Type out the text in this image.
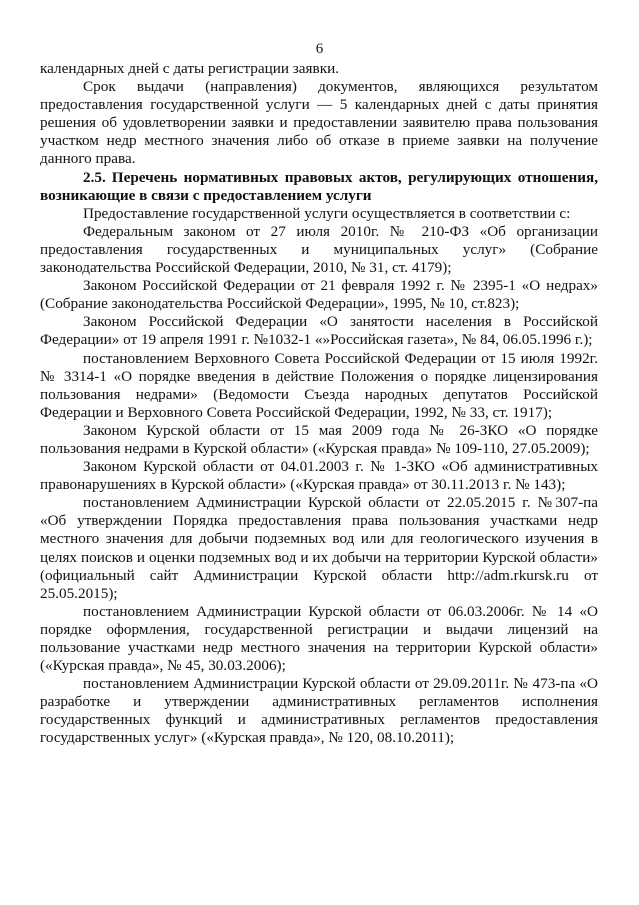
6

календарных дней с даты регистрации заявки.

Срок выдачи (направления) документов, являющихся результатом предоставления государственной услуги — 5 календарных дней с даты принятия решения об удовлетворении заявки и предоставлении заявителю права пользования участком недр местного значения либо об отказе в приеме заявки на получение данного права.

2.5. Перечень нормативных правовых актов, регулирующих отношения, возникающие в связи с предоставлением услуги

Предоставление государственной услуги осуществляется в соответствии с:

Федеральным законом от 27 июля 2010г. № 210-ФЗ «Об организации предоставления государственных и муниципальных услуг» (Собрание законодательства Российской Федерации, 2010, № 31, ст. 4179);

Законом Российской Федерации от 21 февраля 1992 г. № 2395-1 «О недрах» (Собрание законодательства Российской Федерации», 1995, № 10, ст.823);

Законом Российской Федерации «О занятости населения в Российской Федерации» от 19 апреля 1991 г. №1032-1 «»Российская газета», № 84, 06.05.1996 г.);

постановлением Верховного Совета Российской Федерации от 15 июля 1992г. № 3314-1 «О порядке введения в действие Положения о порядке лицензирования пользования недрами» (Ведомости Съезда народных депутатов Российской Федерации и Верховного Совета Российской Федерации, 1992, № 33, ст. 1917);

Законом Курской области от 15 мая 2009 года № 26-ЗКО «О порядке пользования недрами в Курской области» («Курская правда» № 109-110, 27.05.2009);

Законом Курской области от 04.01.2003 г. № 1-ЗКО «Об административных правонарушениях в Курской области» («Курская правда» от 30.11.2013 г. № 143);

постановлением Администрации Курской области от 22.05.2015 г. №307-па «Об утверждении Порядка предоставления права пользования участками недр местного значения для добычи подземных вод или для геологического изучения в целях поисков и оценки подземных вод и их добычи на территории Курской области» (официальный сайт Администрации Курской области http://adm.rkursk.ru от 25.05.2015);

постановлением Администрации Курской области от 06.03.2006г. № 14 «О порядке оформления, государственной регистрации и выдачи лицензий на пользование участками недр местного значения на территории Курской области» («Курская правда», № 45, 30.03.2006);

постановлением Администрации Курской области от 29.09.2011г. № 473-па «О разработке и утверждении административных регламентов исполнения государственных функций и административных регламентов предоставления государственных услуг» («Курская правда», № 120, 08.10.2011);
